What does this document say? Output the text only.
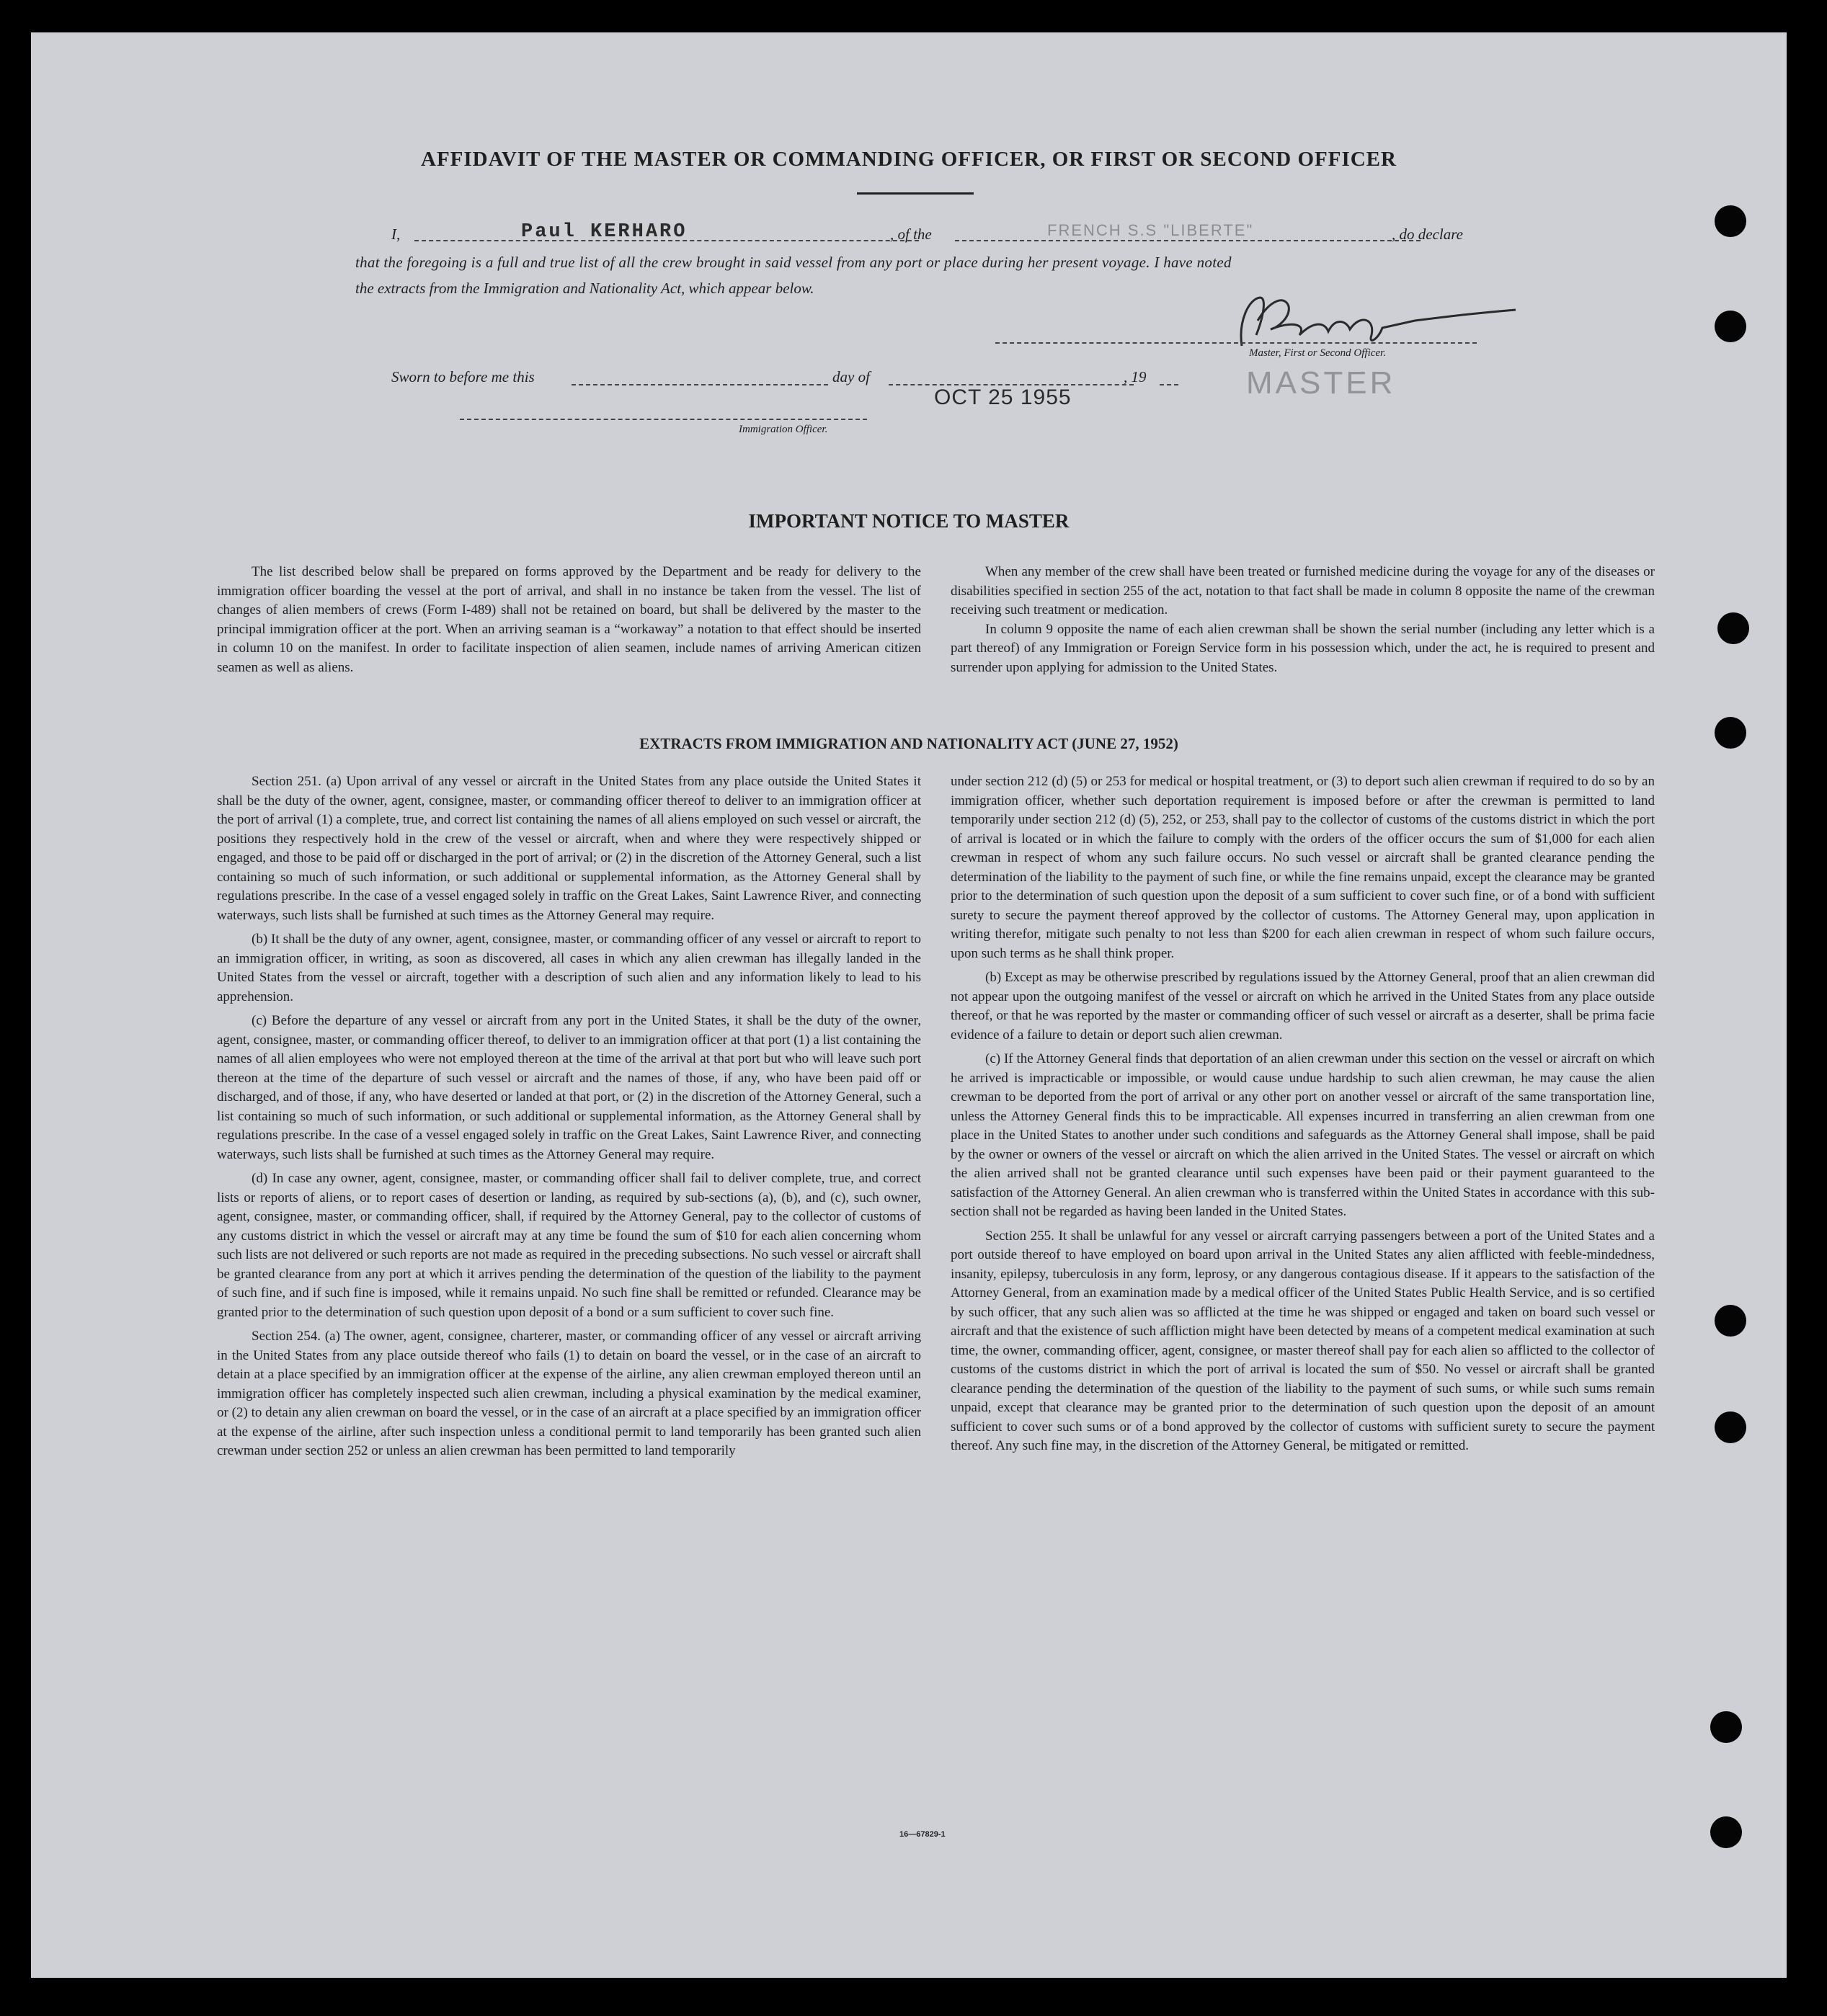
AFFIDAVIT OF THE MASTER OR COMMANDING OFFICER, OR FIRST OR SECOND OFFICER
I,	Paul KERHARO	, of the	FRENCH S.S "LIBERTE"	, do declare
that the foregoing is a full and true list of all the crew brought in said vessel from any port or place during her present voyage. I have noted
the extracts from the Immigration and Nationality Act, which appear below.
Master, First or Second Officer.
Sworn to before me this	day of	, 19
OCT 25 1955	MASTER
Immigration Officer.
IMPORTANT NOTICE TO MASTER

The list described below shall be prepared on forms approved by the Department and be ready for delivery to the immigration officer boarding the vessel at the port of arrival, and shall in no instance be taken from the vessel. The list of changes of alien members of crews (Form I-489) shall not be retained on board, but shall be delivered by the master to the principal immigration officer at the port. When an arriving seaman is a “workaway” a notation to that effect should be inserted in column 10 on the manifest. In order to facilitate inspection of alien seamen, include names of arriving American citizen seamen as well as aliens.

When any member of the crew shall have been treated or furnished medicine during the voyage for any of the diseases or disabilities specified in section 255 of the act, notation to that fact shall be made in column 8 opposite the name of the crewman receiving such treatment or medication.

In column 9 opposite the name of each alien crewman shall be shown the serial number (including any letter which is a part thereof) of any Immigration or Foreign Service form in his possession which, under the act, he is required to present and surrender upon applying for admission to the United States.

EXTRACTS FROM IMMIGRATION AND NATIONALITY ACT (JUNE 27, 1952)

Section 251. (a) Upon arrival of any vessel or aircraft in the United States from any place outside the United States it shall be the duty of the owner, agent, consignee, master, or commanding officer thereof to deliver to an immigration officer at the port of arrival (1) a complete, true, and correct list containing the names of all aliens employed on such vessel or aircraft, the positions they respectively hold in the crew of the vessel or aircraft, when and where they were respectively shipped or engaged, and those to be paid off or discharged in the port of arrival; or (2) in the discretion of the Attorney General, such a list containing so much of such information, or such additional or supplemental information, as the Attorney General shall by regulations prescribe. In the case of a vessel engaged solely in traffic on the Great Lakes, Saint Lawrence River, and connecting waterways, such lists shall be furnished at such times as the Attorney General may require.

(b) It shall be the duty of any owner, agent, consignee, master, or commanding officer of any vessel or aircraft to report to an immigration officer, in writing, as soon as discovered, all cases in which any alien crewman has illegally landed in the United States from the vessel or aircraft, together with a description of such alien and any information likely to lead to his apprehension.

(c) Before the departure of any vessel or aircraft from any port in the United States, it shall be the duty of the owner, agent, consignee, master, or commanding officer thereof, to deliver to an immigration officer at that port (1) a list containing the names of all alien employees who were not employed thereon at the time of the arrival at that port but who will leave such port thereon at the time of the departure of such vessel or aircraft and the names of those, if any, who have been paid off or discharged, and of those, if any, who have deserted or landed at that port, or (2) in the discretion of the Attorney General, such a list containing so much of such information, or such additional or supplemental information, as the Attorney General shall by regulations prescribe. In the case of a vessel engaged solely in traffic on the Great Lakes, Saint Lawrence River, and connecting waterways, such lists shall be furnished at such times as the Attorney General may require.

(d) In case any owner, agent, consignee, master, or commanding officer shall fail to deliver complete, true, and correct lists or reports of aliens, or to report cases of desertion or landing, as required by sub-sections (a), (b), and (c), such owner, agent, consignee, master, or commanding officer, shall, if required by the Attorney General, pay to the collector of customs of any customs district in which the vessel or aircraft may at any time be found the sum of $10 for each alien concerning whom such lists are not delivered or such reports are not made as required in the preceding subsections. No such vessel or aircraft shall be granted clearance from any port at which it arrives pending the determination of the question of the liability to the payment of such fine, and if such fine is imposed, while it remains unpaid. No such fine shall be remitted or refunded. Clearance may be granted prior to the determination of such question upon deposit of a bond or a sum sufficient to cover such fine.

Section 254. (a) The owner, agent, consignee, charterer, master, or commanding officer of any vessel or aircraft arriving in the United States from any place outside thereof who fails (1) to detain on board the vessel, or in the case of an aircraft to detain at a place specified by an immigration officer at the expense of the airline, any alien crewman employed thereon until an immigration officer has completely inspected such alien crewman, including a physical examination by the medical examiner, or (2) to detain any alien crewman on board the vessel, or in the case of an aircraft at a place specified by an immigration officer at the expense of the airline, after such inspection unless a conditional permit to land temporarily has been granted such alien crewman under section 252 or unless an alien crewman has been permitted to land temporarily

under section 212 (d) (5) or 253 for medical or hospital treatment, or (3) to deport such alien crewman if required to do so by an immigration officer, whether such deportation requirement is imposed before or after the crewman is permitted to land temporarily under section 212 (d) (5), 252, or 253, shall pay to the collector of customs of the customs district in which the port of arrival is located or in which the failure to comply with the orders of the officer occurs the sum of $1,000 for each alien crewman in respect of whom any such failure occurs. No such vessel or aircraft shall be granted clearance pending the determination of the liability to the payment of such fine, or while the fine remains unpaid, except the clearance may be granted prior to the determination of such question upon the deposit of a sum sufficient to cover such fine, or of a bond with sufficient surety to secure the payment thereof approved by the collector of customs. The Attorney General may, upon application in writing therefor, mitigate such penalty to not less than $200 for each alien crewman in respect of whom such failure occurs, upon such terms as he shall think proper.

(b) Except as may be otherwise prescribed by regulations issued by the Attorney General, proof that an alien crewman did not appear upon the outgoing manifest of the vessel or aircraft on which he arrived in the United States from any place outside thereof, or that he was reported by the master or commanding officer of such vessel or aircraft as a deserter, shall be prima facie evidence of a failure to detain or deport such alien crewman.

(c) If the Attorney General finds that deportation of an alien crewman under this section on the vessel or aircraft on which he arrived is impracticable or impossible, or would cause undue hardship to such alien crewman, he may cause the alien crewman to be deported from the port of arrival or any other port on another vessel or aircraft of the same transportation line, unless the Attorney General finds this to be impracticable. All expenses incurred in transferring an alien crewman from one place in the United States to another under such conditions and safeguards as the Attorney General shall impose, shall be paid by the owner or owners of the vessel or aircraft on which the alien arrived in the United States. The vessel or aircraft on which the alien arrived shall not be granted clearance until such expenses have been paid or their payment guaranteed to the satisfaction of the Attorney General. An alien crewman who is transferred within the United States in accordance with this sub-section shall not be regarded as having been landed in the United States.

Section 255. It shall be unlawful for any vessel or aircraft carrying passengers between a port of the United States and a port outside thereof to have employed on board upon arrival in the United States any alien afflicted with feeble-mindedness, insanity, epilepsy, tuberculosis in any form, leprosy, or any dangerous contagious disease. If it appears to the satisfaction of the Attorney General, from an examination made by a medical officer of the United States Public Health Service, and is so certified by such officer, that any such alien was so afflicted at the time he was shipped or engaged and taken on board such vessel or aircraft and that the existence of such affliction might have been detected by means of a competent medical examination at such time, the owner, commanding officer, agent, consignee, or master thereof shall pay for each alien so afflicted to the collector of customs of the customs district in which the port of arrival is located the sum of $50. No vessel or aircraft shall be granted clearance pending the determination of the question of the liability to the payment of such sums, or while such sums remain unpaid, except that clearance may be granted prior to the determination of such question upon the deposit of an amount sufficient to cover such sums or of a bond approved by the collector of customs with sufficient surety to secure the payment thereof. Any such fine may, in the discretion of the Attorney General, be mitigated or remitted.

16—67829-1
